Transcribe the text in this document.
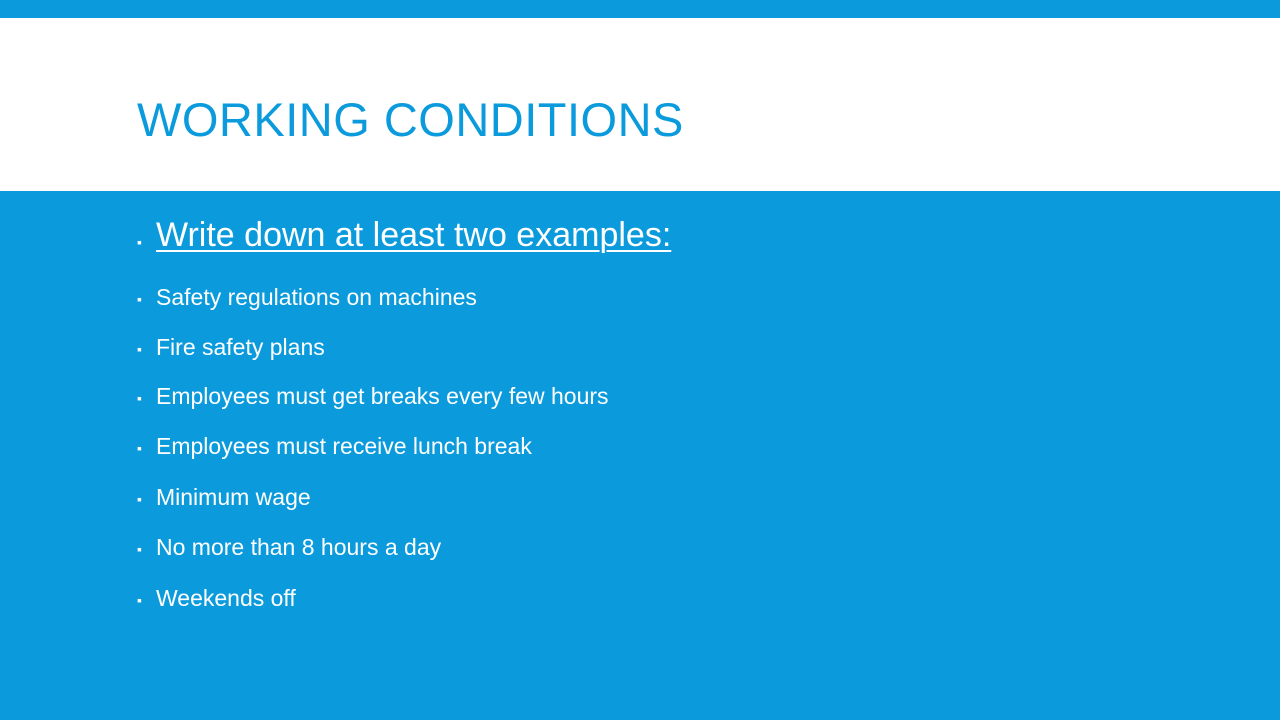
WORKING CONDITIONS
▪ Write down at least two examples:
▪ Safety regulations on machines
▪ Fire safety plans
▪ Employees must get breaks every few hours
▪ Employees must receive lunch break
▪ Minimum wage
▪ No more than 8 hours a day
▪ Weekends off
